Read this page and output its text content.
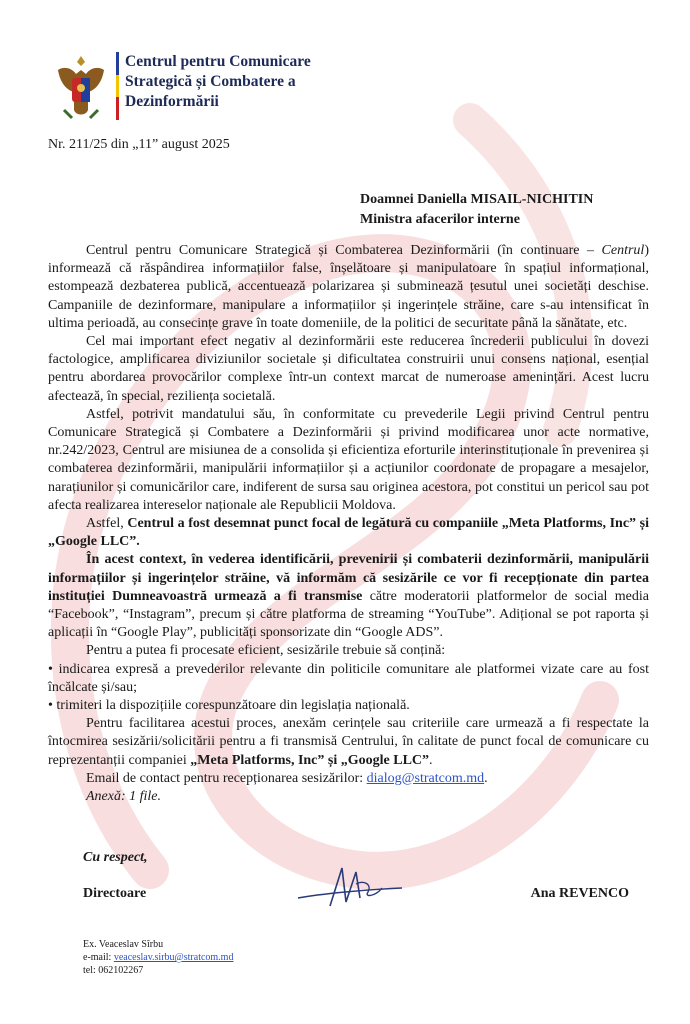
Centrul pentru Comunicare
Strategică și Combatere a
Dezinformării
Nr. 211/25 din „11” august 2025
Doamnei Daniella MISAIL-NICHITIN
Ministra afacerilor interne

Centrul pentru Comunicare Strategică și Combaterea Dezinformării (în continuare – Centrul) informează că răspândirea informațiilor false, înșelătoare și manipulatoare în spațiul informațional, estompează dezbaterea publică, accentuează polarizarea și subminează țesutul unei societăți deschise. Campaniile de dezinformare, manipulare a informațiilor și ingerințele străine, care s-au intensificat în ultima perioadă, au consecințe grave în toate domeniile, de la politici de securitate până la sănătate, etc.

Cel mai important efect negativ al dezinformării este reducerea încrederii publicului în dovezi factologice, amplificarea diviziunilor societale și dificultatea construirii unui consens național, esențial pentru abordarea provocărilor complexe într-un context marcat de numeroase amenințări. Acest lucru afectează, în special, reziliența societală.

Astfel, potrivit mandatului său, în conformitate cu prevederile Legii privind Centrul pentru Comunicare Strategică și Combatere a Dezinformării și privind modificarea unor acte normative, nr.242/2023, Centrul are misiunea de a consolida și eficientiza eforturile interinstituționale în prevenirea și combaterea dezinformării, manipulării informațiilor și a acțiunilor coordonate de propagare a mesajelor, narațiunilor și comunicărilor care, indiferent de sursa sau originea acestora, pot constitui un pericol sau pot afecta realizarea intereselor naționale ale Republicii Moldova.

Astfel, Centrul a fost desemnat punct focal de legătură cu companiile „Meta Platforms, Inc” și „Google LLC”.

În acest context, în vederea identificării, prevenirii și combaterii dezinformării, manipulării informațiilor și ingerințelor străine, vă informăm că sesizările ce vor fi recepționate din partea instituției Dumneavoastră urmează a fi transmise către moderatorii platformelor de social media “Facebook”, “Instagram”, precum și către platforma de streaming “YouTube”. Adițional se pot raporta și aplicații în “Google Play”, publicități sponsorizate din “Google ADS”.

Pentru a putea fi procesate eficient, sesizările trebuie să conțină:

• indicarea expresă a prevederilor relevante din politicile comunitare ale platformei vizate care au fost încălcate și/sau;

• trimiteri la dispozițiile corespunzătoare din legislația națională.

Pentru facilitarea acestui proces, anexăm cerințele sau criteriile care urmează a fi respectate la întocmirea sesizării/solicitării pentru a fi transmisă Centrului, în calitate de punct focal de comunicare cu reprezentanții companiei „Meta Platforms, Inc” și „Google LLC”.

Email de contact pentru recepționarea sesizărilor: dialog@stratcom.md.

Anexă: 1 file.

Cu respect,
Directoare	Ana REVENCO
Ex. Veaceslav Sîrbu
e-mail: veaceslav.sirbu@stratcom.md
tel: 062102267
